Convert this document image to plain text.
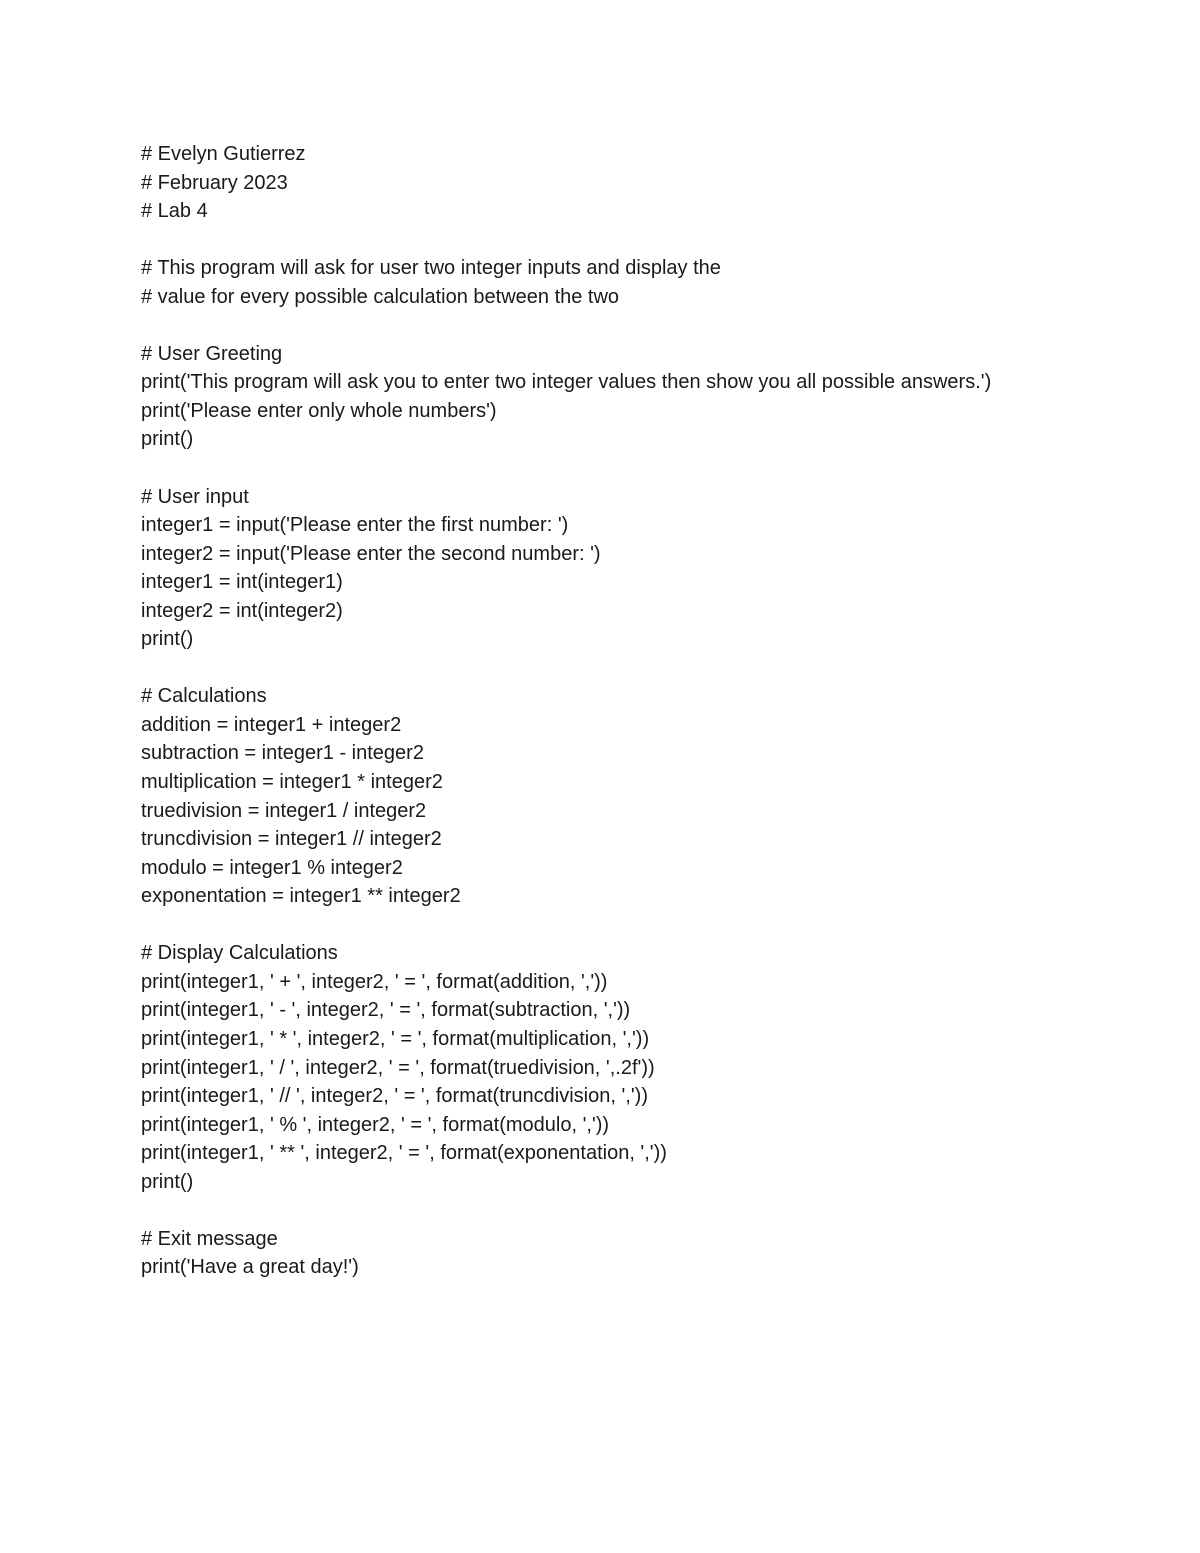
# Evelyn Gutierrez
# February 2023
# Lab 4
# This program will ask for user two integer inputs and display the
# value for every possible calculation between the two
# User Greeting
print('This program will ask you to enter two integer values then show you all possible answers.')
print('Please enter only whole numbers')
print()
# User input
integer1 = input('Please enter the first number: ')
integer2 = input('Please enter the second number: ')
integer1 = int(integer1)
integer2 = int(integer2)
print()
# Calculations
addition = integer1 + integer2
subtraction = integer1 - integer2
multiplication = integer1 * integer2
truedivision = integer1 / integer2
truncdivision = integer1 // integer2
modulo = integer1 % integer2
exponentation = integer1 ** integer2
# Display Calculations
print(integer1, ' + ', integer2, ' = ', format(addition, ','))
print(integer1, ' - ', integer2, ' = ', format(subtraction, ','))
print(integer1, ' * ', integer2, ' = ', format(multiplication, ','))
print(integer1, ' / ', integer2, ' = ', format(truedivision, ',.2f'))
print(integer1, ' // ', integer2, ' = ', format(truncdivision, ','))
print(integer1, ' % ', integer2, ' = ', format(modulo, ','))
print(integer1, ' ** ', integer2, ' = ', format(exponentation, ','))
print()
# Exit message
print('Have a great day!')
